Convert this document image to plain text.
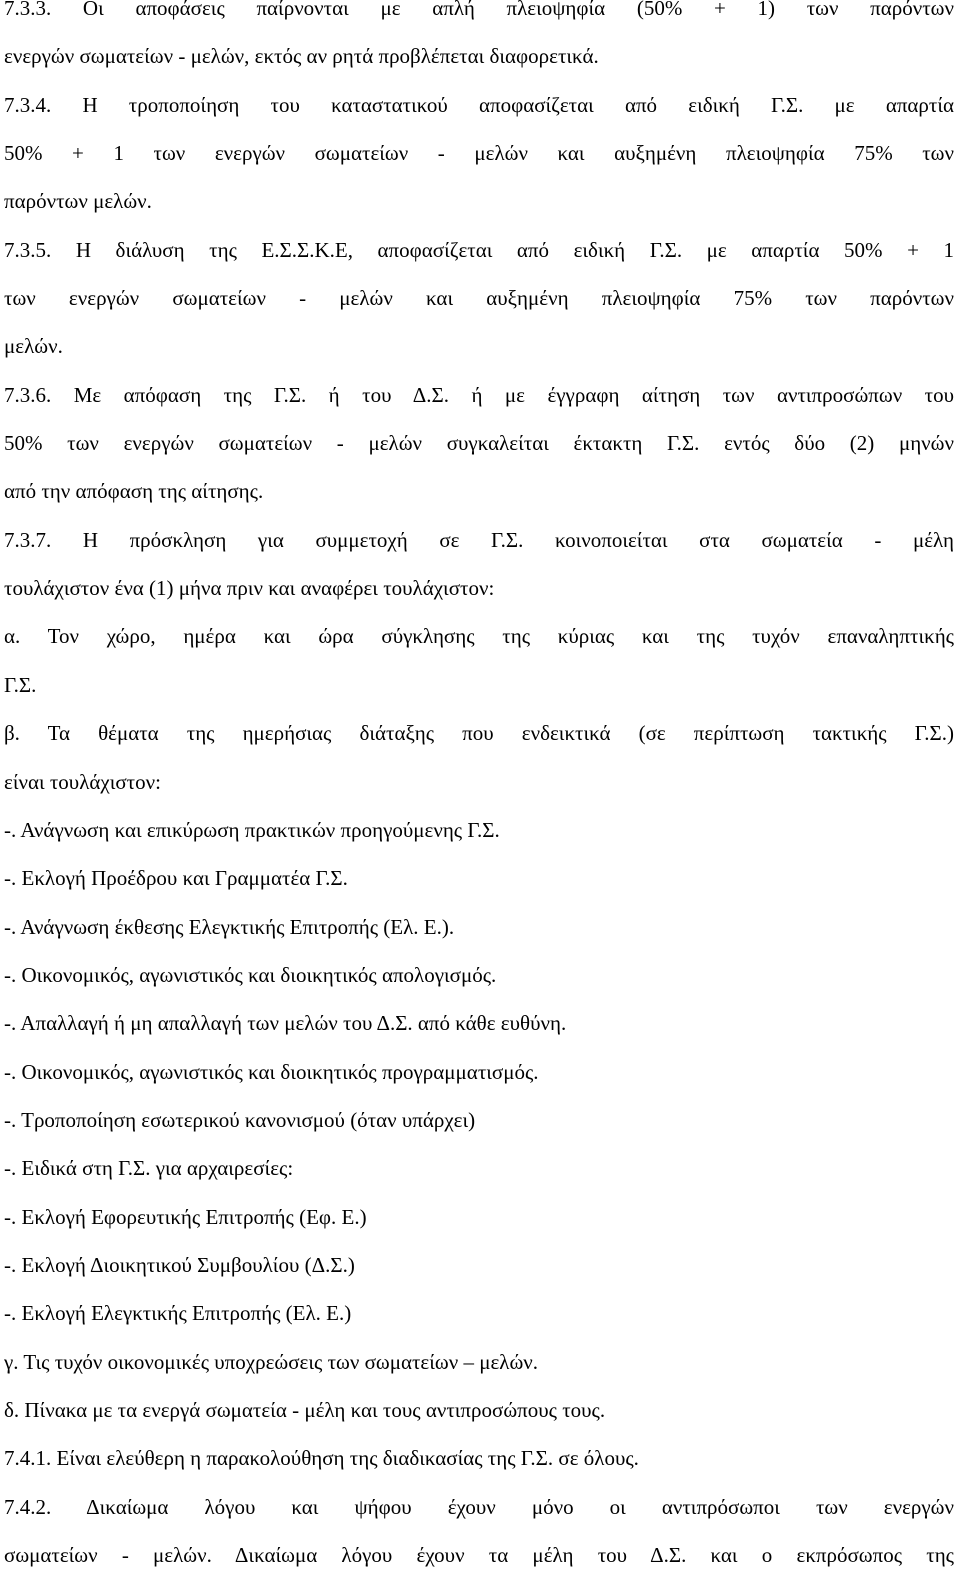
7.3.3. Οι αποφάσεις παίρνονται με απλή πλειοψηφία (50% + 1) των παρόντων
ενεργών σωματείων - μελών, εκτός αν ρητά προβλέπεται διαφορετικά.
7.3.4. Η τροποποίηση του καταστατικού αποφασίζεται από ειδική Γ.Σ. με απαρτία
50% + 1 των ενεργών σωματείων - μελών και αυξημένη πλειοψηφία 75% των
παρόντων μελών.
7.3.5. Η διάλυση της Ε.Σ.Σ.Κ.Ε, αποφασίζεται από ειδική Γ.Σ. με απαρτία 50% + 1
των ενεργών σωματείων - μελών και αυξημένη πλειοψηφία 75% των παρόντων
μελών.
7.3.6. Με απόφαση της Γ.Σ. ή του Δ.Σ. ή με έγγραφη αίτηση των αντιπροσώπων του
50% των ενεργών σωματείων - μελών συγκαλείται έκτακτη Γ.Σ. εντός δύο (2) μηνών
από την απόφαση της αίτησης.
7.3.7. Η πρόσκληση για συμμετοχή σε Γ.Σ. κοινοποιείται στα σωματεία - μέλη
τουλάχιστον ένα (1) μήνα πριν και αναφέρει τουλάχιστον:
α. Τον χώρο, ημέρα και ώρα σύγκλησης της κύριας και της τυχόν επαναληπτικής
Γ.Σ.
β. Τα θέματα της ημερήσιας διάταξης που ενδεικτικά (σε περίπτωση τακτικής Γ.Σ.)
είναι τουλάχιστον:
-. Ανάγνωση και επικύρωση πρακτικών προηγούμενης Γ.Σ.
-. Εκλογή Προέδρου και Γραμματέα Γ.Σ.
-. Ανάγνωση έκθεσης Ελεγκτικής Επιτροπής (Ελ. Ε.).
-. Οικονομικός, αγωνιστικός και διοικητικός απολογισμός.
-. Απαλλαγή ή μη απαλλαγή των μελών του Δ.Σ. από κάθε ευθύνη.
-. Οικονομικός, αγωνιστικός και διοικητικός προγραμματισμός.
-. Τροποποίηση εσωτερικού κανονισμού (όταν υπάρχει)
-. Ειδικά στη Γ.Σ. για αρχαιρεσίες:
-. Εκλογή Εφορευτικής Επιτροπής (Εφ. Ε.)
-. Εκλογή Διοικητικού Συμβουλίου (Δ.Σ.)
-. Εκλογή Ελεγκτικής Επιτροπής (Ελ. Ε.)
γ. Τις τυχόν οικονομικές υποχρεώσεις των σωματείων – μελών.
δ. Πίνακα με τα ενεργά σωματεία - μέλη και τους αντιπροσώπους τους.
7.4.1. Είναι ελεύθερη η παρακολούθηση της διαδικασίας της Γ.Σ. σε όλους.
7.4.2. Δικαίωμα λόγου και ψήφου έχουν μόνο οι αντιπρόσωποι των ενεργών
σωματείων - μελών. Δικαίωμα λόγου έχουν τα μέλη του Δ.Σ. και ο εκπρόσωπος της
